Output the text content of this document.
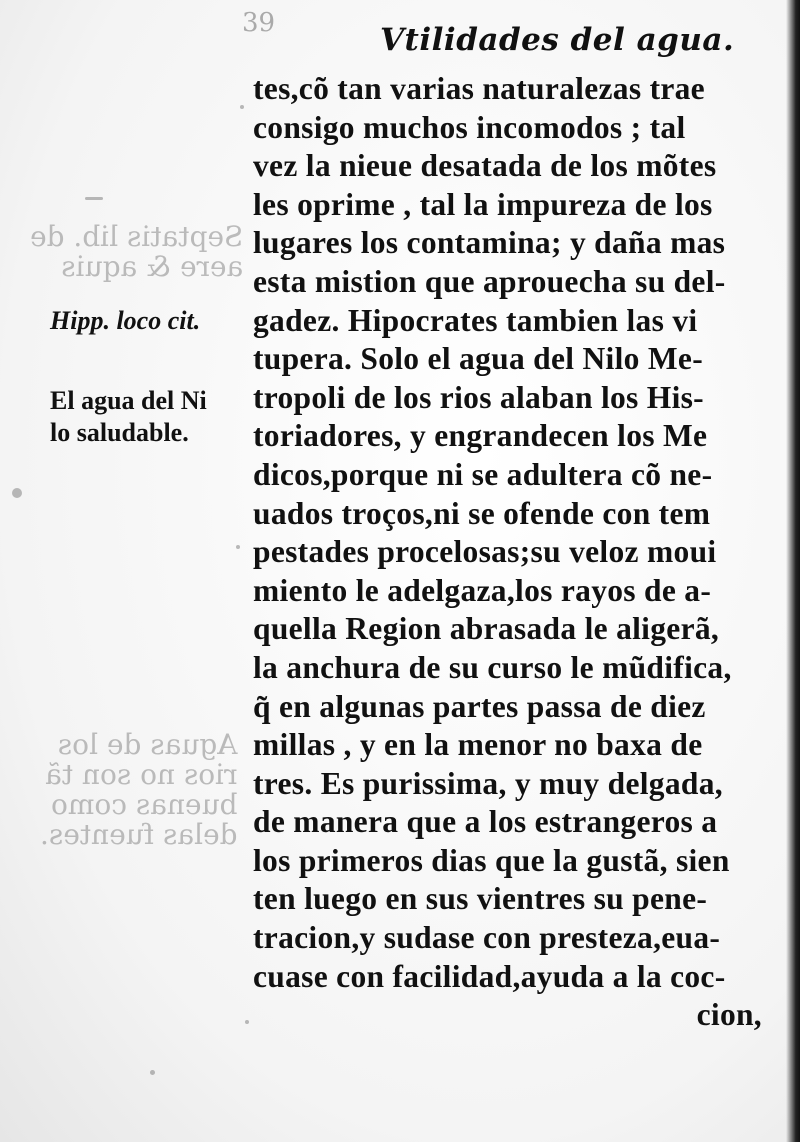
39	Vtilidades del agua.
Septatis lib. de
aere & aquis
Aguas de los
rios no son tã
buenas como
delas fuentes.
Hipp. loco cit.
El agua del Ni
lo saludable.
tes,cõ tan varias naturalezas trae
consigo muchos incomodos ; tal
vez la nieue desatada de los mõtes
les oprime , tal la impureza de los
lugares los contamina; y daña mas
esta mistion que aprouecha su del-
gadez. Hipocrates tambien las vi
tupera. Solo el agua del Nilo Me-
tropoli de los rios alaban los His-
toriadores, y engrandecen los Me
dicos,porque ni se adultera cõ ne-
uados troços,ni se ofende con tem
pestades procelosas;su veloz moui
miento le adelgaza,los rayos de a-
quella Region abrasada le aligerã,
la anchura de su curso le mũdifica,
q̃ en algunas partes passa de diez
millas , y en la menor no baxa de
tres. Es purissima, y muy delgada,
de manera que a los estrangeros a
los primeros dias que la gustã, sien
ten luego en sus vientres su pene-
tracion,y sudase con presteza,eua-
cuase con facilidad,ayuda a la coc-
cion,
